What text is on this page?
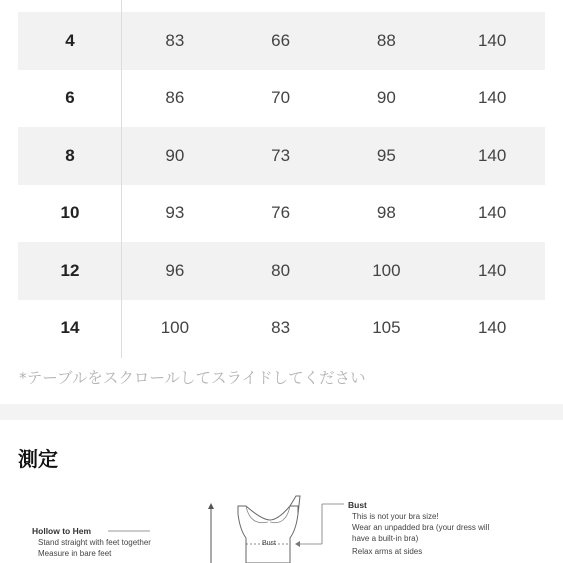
4	83	66	88	140
6	86	70	90	140
8	90	73	95	140
10	93	76	98	140
12	96	80	100	140
14	100	83	105	140
*テーブルをスクロールしてスライドしてください
測定
Hollow to Hem
Stand straight with feet together
Measure in bare feet
Bust
Bust
This is not your bra size!
Wear an unpadded bra (your dress will
have a built-in bra)
Relax arms at sides
